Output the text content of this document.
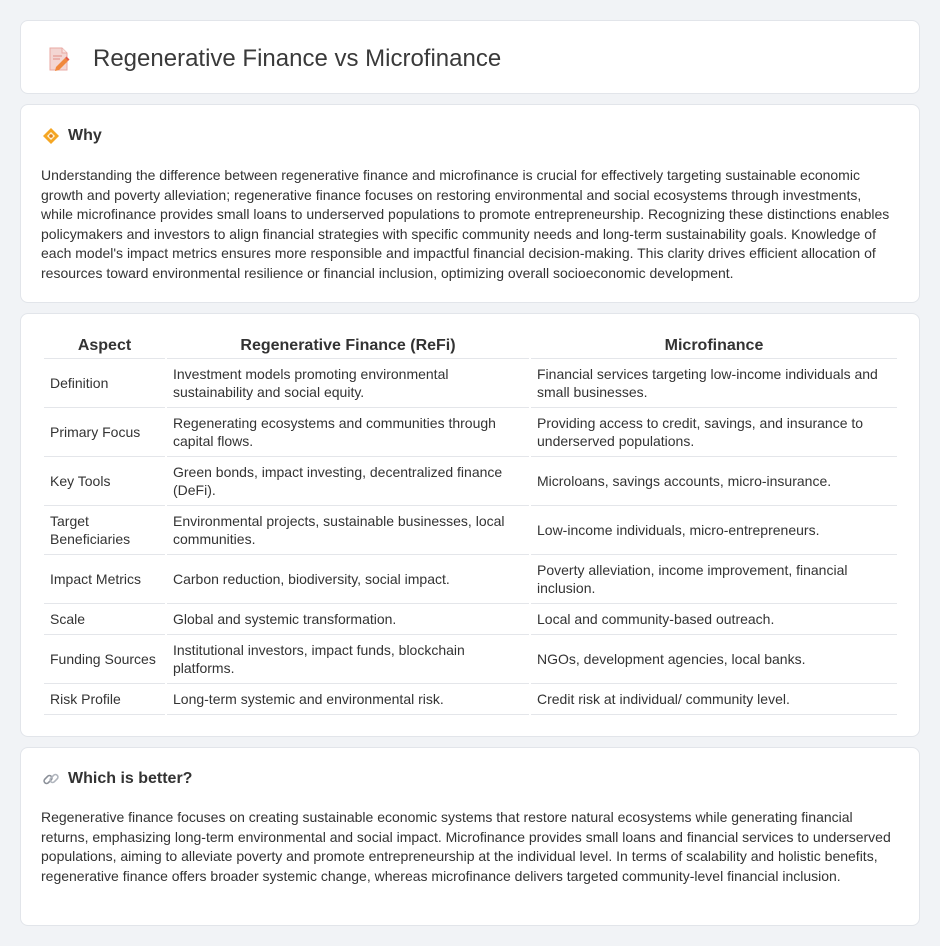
Regenerative Finance vs Microfinance
Why

Understanding the difference between regenerative finance and microfinance is crucial for effectively targeting sustainable economic growth and poverty alleviation; regenerative finance focuses on restoring environmental and social ecosystems through investments, while microfinance provides small loans to underserved populations to promote entrepreneurship. Recognizing these distinctions enables policymakers and investors to align financial strategies with specific community needs and long-term sustainability goals. Knowledge of each model's impact metrics ensures more responsible and impactful financial decision-making. This clarity drives efficient allocation of resources toward environmental resilience or financial inclusion, optimizing overall socioeconomic development.

Aspect	Regenerative Finance (ReFi)	Microfinance
Definition	Investment models promoting environmental sustainability and social equity.	Financial services targeting low-income individuals and small businesses.
Primary Focus	Regenerating ecosystems and communities through capital flows.	Providing access to credit, savings, and insurance to underserved populations.
Key Tools	Green bonds, impact investing, decentralized finance (DeFi).	Microloans, savings accounts, micro-insurance.
Target Beneficiaries	Environmental projects, sustainable businesses, local communities.	Low-income individuals, micro-entrepreneurs.
Impact Metrics	Carbon reduction, biodiversity, social impact.	Poverty alleviation, income improvement, financial inclusion.
Scale	Global and systemic transformation.	Local and community-based outreach.
Funding Sources	Institutional investors, impact funds, blockchain platforms.	NGOs, development agencies, local banks.
Risk Profile	Long-term systemic and environmental risk.	Credit risk at individual/ community level.
Which is better?

Regenerative finance focuses on creating sustainable economic systems that restore natural ecosystems while generating financial returns, emphasizing long-term environmental and social impact. Microfinance provides small loans and financial services to underserved populations, aiming to alleviate poverty and promote entrepreneurship at the individual level. In terms of scalability and holistic benefits, regenerative finance offers broader systemic change, whereas microfinance delivers targeted community-level financial inclusion.
